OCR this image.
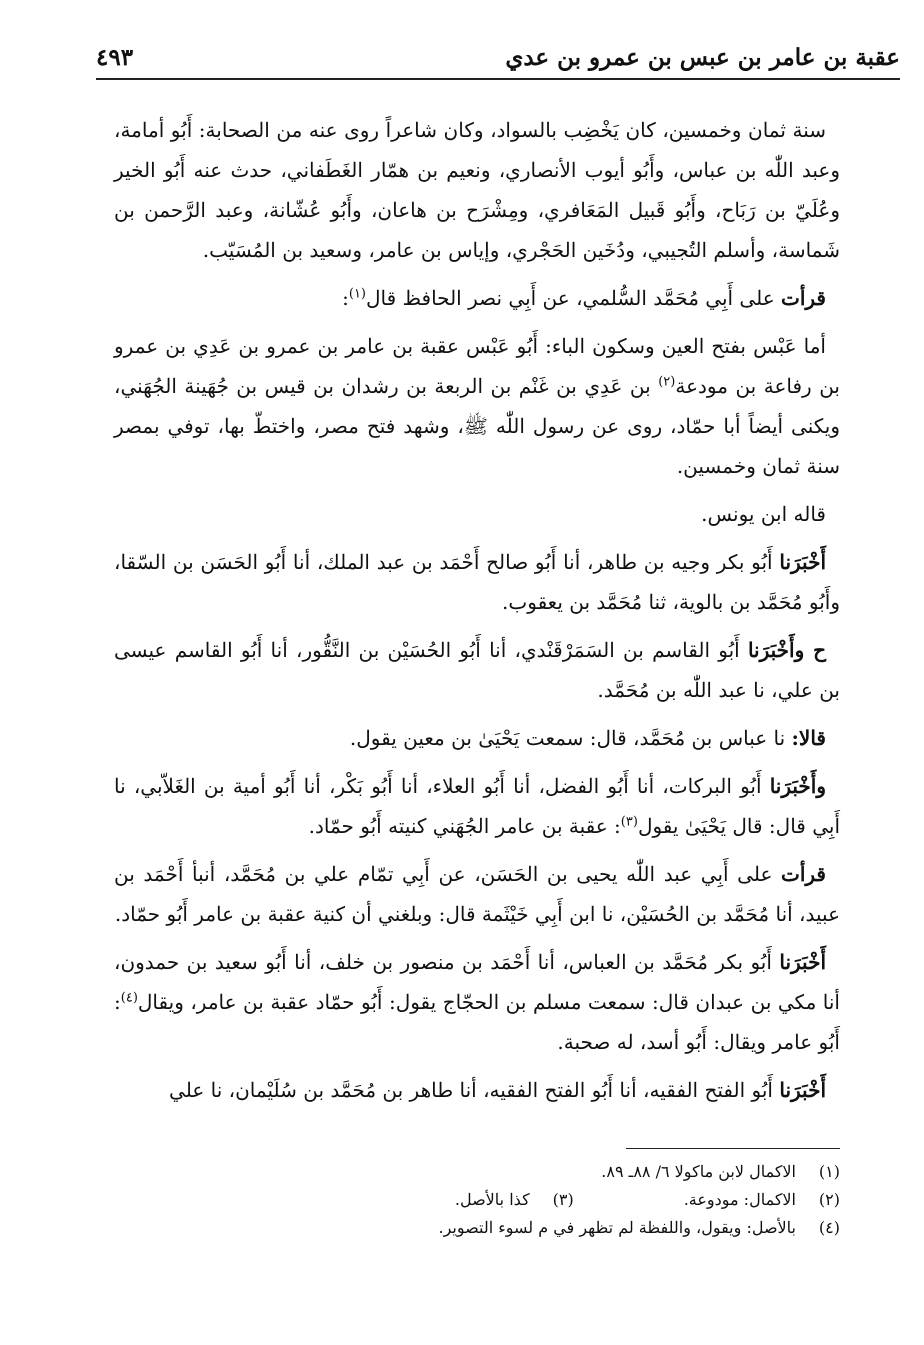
عقبة بن عامر بن عبس بن عمرو بن عدي
٤٩٣

سنة ثمان وخمسين، كان يَخْضِب بالسواد، وكان شاعراً روى عنه من الصحابة: أَبُو أمامة، وعبد اللّٰه بن عباس، وأَبُو أيوب الأنصاري، ونعيم بن همّار الغَطَفاني، حدث عنه أَبُو الخير وعُلَيّ بن رَبَاح، وأَبُو قَبيل المَعَافري، ومِشْرَح بن هاعان، وأَبُو عُشّانة، وعبد الرَّحمن بن شَماسة، وأسلم التُجيبي، ودُخَين الحَجْري، وإياس بن عامر، وسعيد بن المُسَيّب.

قرأت على أَبِي مُحَمَّد السُّلمي، عن أَبِي نصر الحافظ قال$^{(١)}$:

أما عَبْس بفتح العين وسكون الباء: أَبُو عَبْس عقبة بن عامر بن عمرو بن عَدِي بن عمرو بن رفاعة بن مودعة$^{(٢)}$ بن عَدِي بن غَنْم بن الربعة بن رشدان بن قيس بن جُهَينة الجُهَني، ويكنى أيضاً أبا حمّاد، روى عن رسول اللّٰه ﷺ، وشهد فتح مصر، واختطّ بها، توفي بمصر سنة ثمان وخمسين.

قاله ابن يونس.

أَخْبَرَنا أَبُو بكر وجيه بن طاهر، أنا أَبُو صالح أَحْمَد بن عبد الملك، أنا أَبُو الحَسَن بن السّقا، وأَبُو مُحَمَّد بن بالوية، ثنا مُحَمَّد بن يعقوب.

ح وأَخْبَرَنا أَبُو القاسم بن السَمَرْقَنْدي، أنا أَبُو الحُسَيْن بن النَّقُّور، أنا أَبُو القاسم عيسى بن علي، نا عبد اللّٰه بن مُحَمَّد.

قالا: نا عباس بن مُحَمَّد، قال: سمعت يَحْيَىٰ بن معين يقول.

وأَخْبَرَنا أَبُو البركات، أنا أَبُو الفضل، أنا أَبُو العلاء، أنا أَبُو بَكْر، أنا أَبُو أمية بن الغَلاّبي، نا أَبِي قال: قال يَحْيَىٰ يقول$^{(٣)}$: عقبة بن عامر الجُهَني كنيته أَبُو حمّاد.

قرأت على أَبِي عبد اللّٰه يحيى بن الحَسَن، عن أَبِي تمّام علي بن مُحَمَّد، أنبأ أَحْمَد بن عبيد، أنا مُحَمَّد بن الحُسَيْن، نا ابن أَبِي خَيْثَمة قال: وبلغني أن كنية عقبة بن عامر أَبُو حمّاد.

أَخْبَرَنا أَبُو بكر مُحَمَّد بن العباس، أنا أَحْمَد بن منصور بن خلف، أنا أَبُو سعيد بن حمدون، أنا مكي بن عبدان قال: سمعت مسلم بن الحجّاج يقول: أَبُو حمّاد عقبة بن عامر، ويقال$^{(٤)}$: أَبُو عامر ويقال: أَبُو أسد، له صحبة.

أَخْبَرَنا أَبُو الفتح الفقيه، أنا أَبُو الفتح الفقيه، أنا طاهر بن مُحَمَّد بن سُلَيْمان، نا علي

(١)الاكمال لابن ماكولا ٦/ ٨٨ـ ٨٩.
(٢)الاكمال: مودوعة.(٣)كذا بالأصل.
(٤)بالأصل: ويقول، واللفظة لم تظهر في م لسوء التصوير.
